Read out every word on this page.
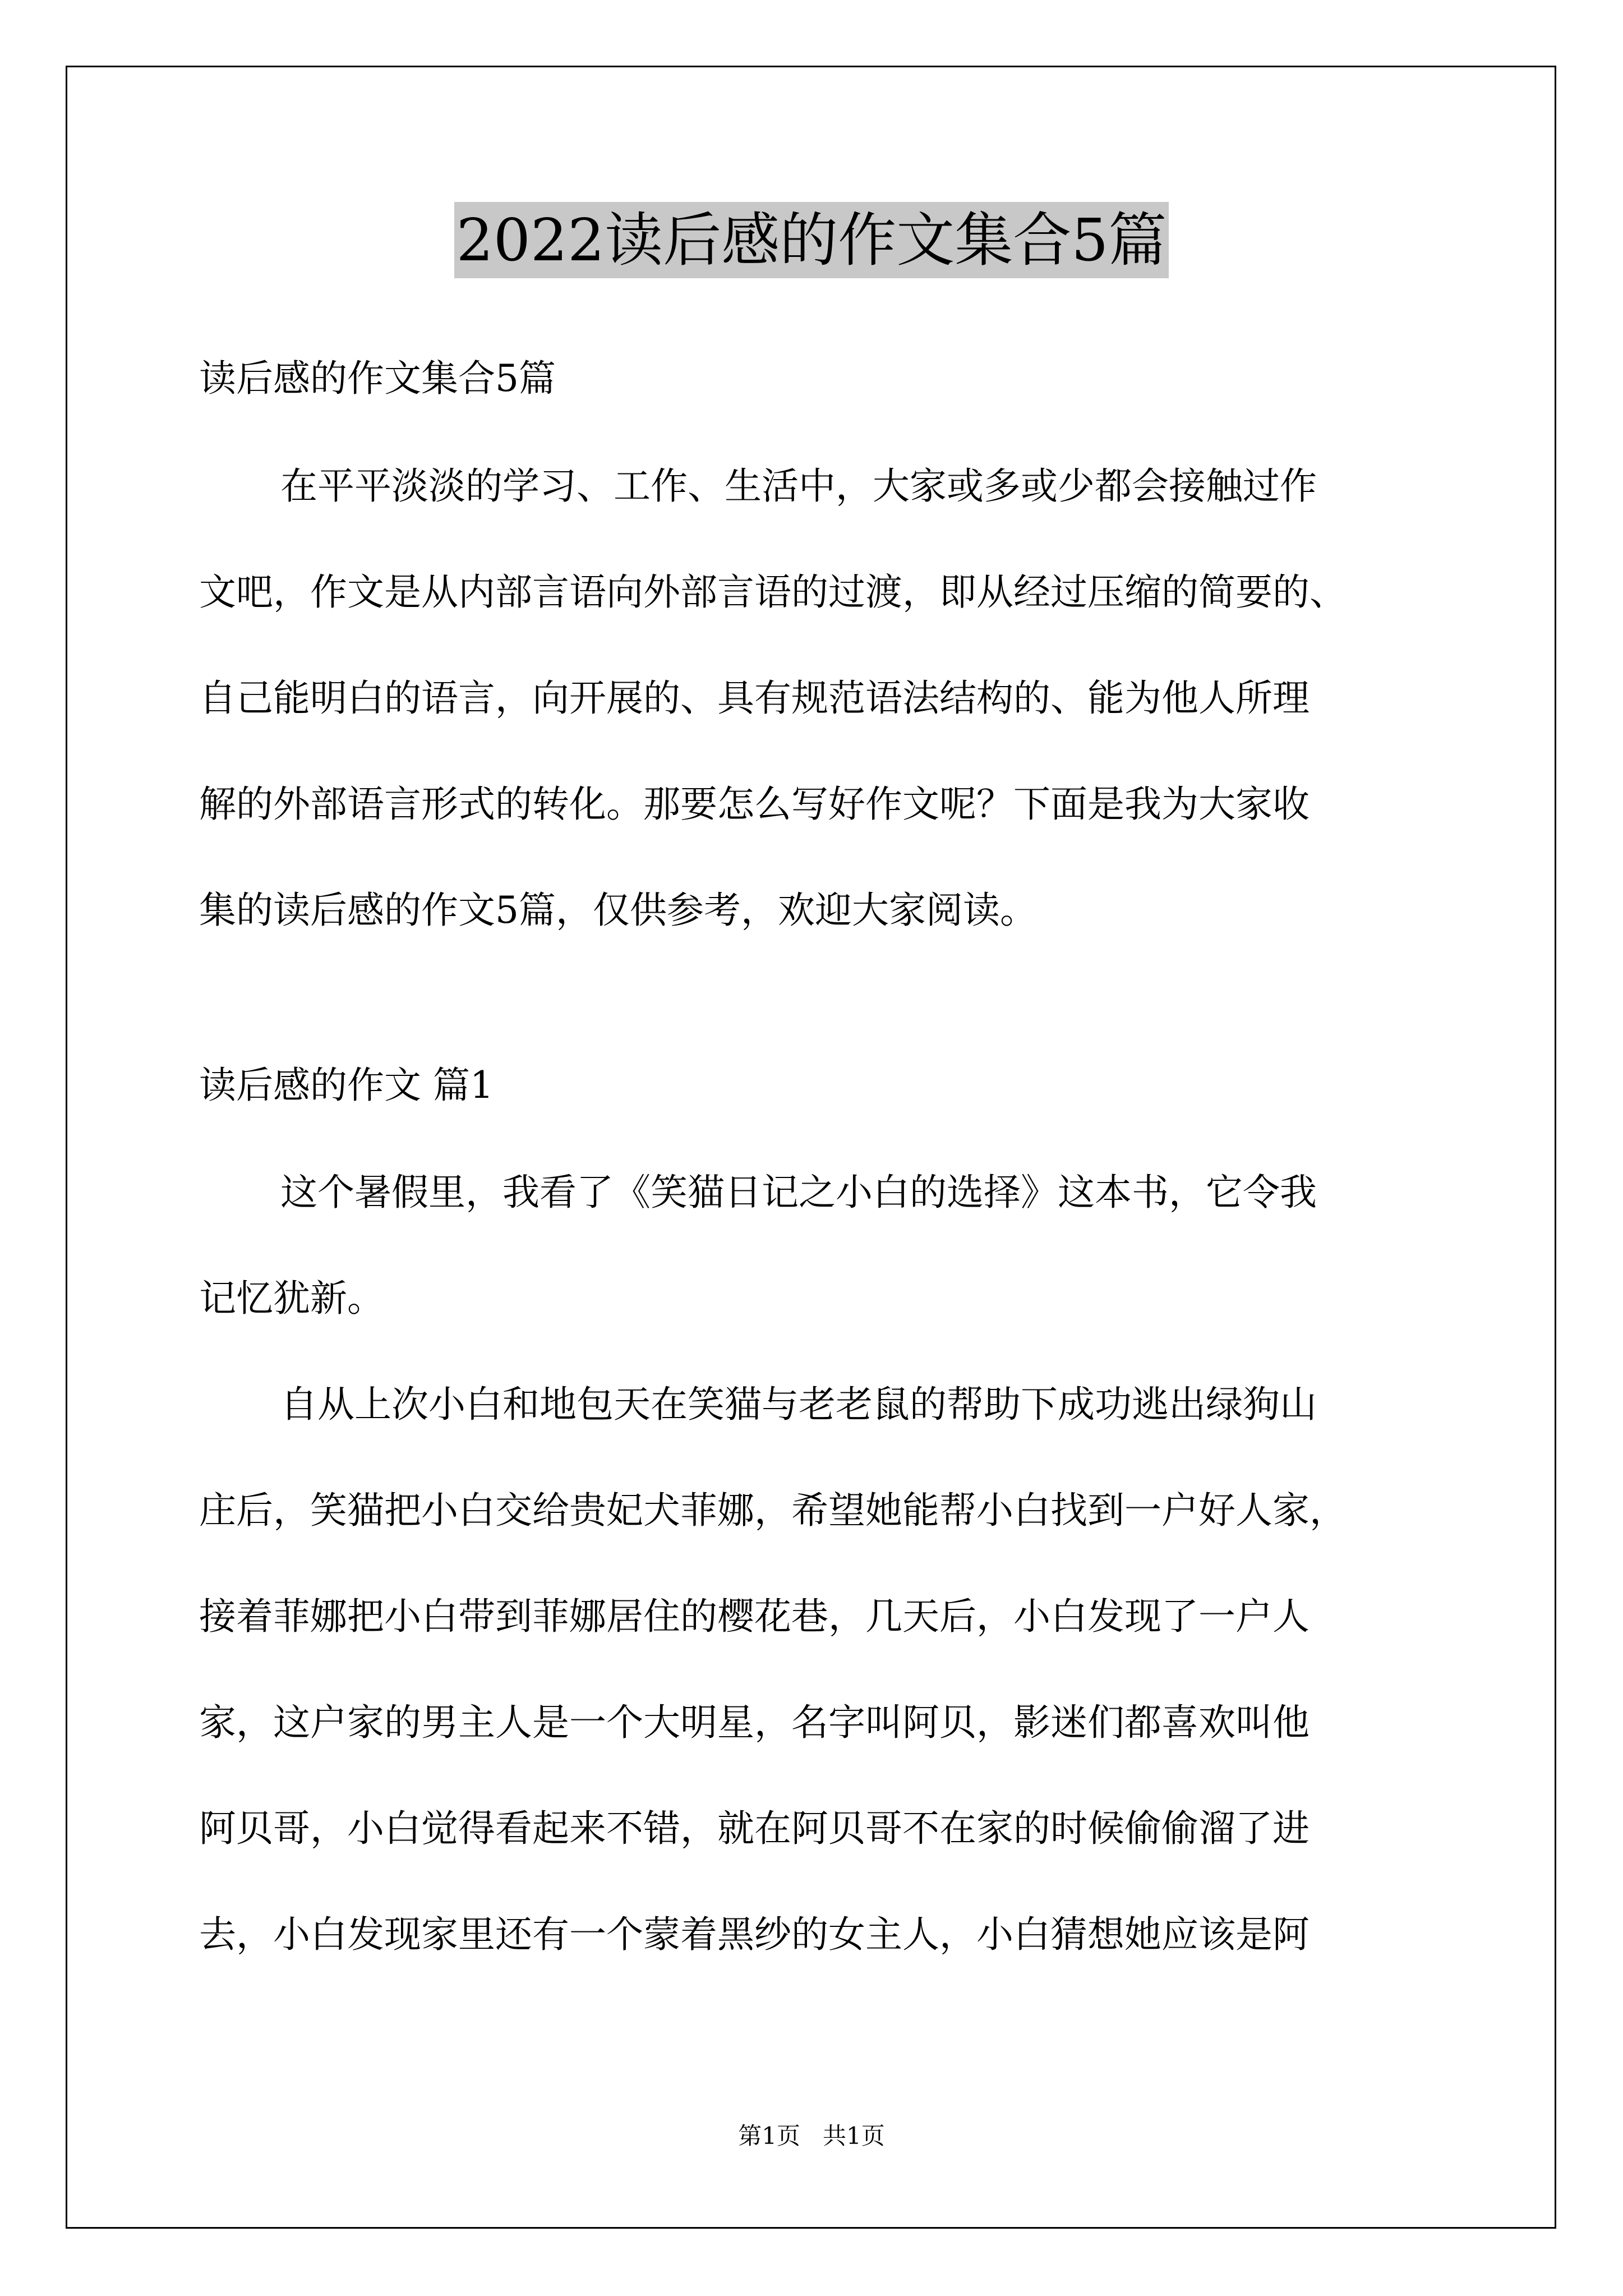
2022读后感的作文集合5篇
读后感的作文集合5篇
在平平淡淡的学习、工作、生活中，大家或多或少都会接触过作
文吧，作文是从内部言语向外部言语的过渡，即从经过压缩的简要的、
自己能明白的语言，向开展的、具有规范语法结构的、能为他人所理
解的外部语言形式的转化。那要怎么写好作文呢？下面是我为大家收
集的读后感的作文5篇，仅供参考，欢迎大家阅读。
读后感的作文 篇1
这个暑假里，我看了《笑猫日记之小白的选择》这本书，它令我
记忆犹新。
自从上次小白和地包天在笑猫与老老鼠的帮助下成功逃出绿狗山
庄后，笑猫把小白交给贵妃犬菲娜，希望她能帮小白找到一户好人家，
接着菲娜把小白带到菲娜居住的樱花巷，几天后，小白发现了一户人
家，这户家的男主人是一个大明星，名字叫阿贝，影迷们都喜欢叫他
阿贝哥，小白觉得看起来不错，就在阿贝哥不在家的时候偷偷溜了进
去，小白发现家里还有一个蒙着黑纱的女主人，小白猜想她应该是阿
第1页   共1页
